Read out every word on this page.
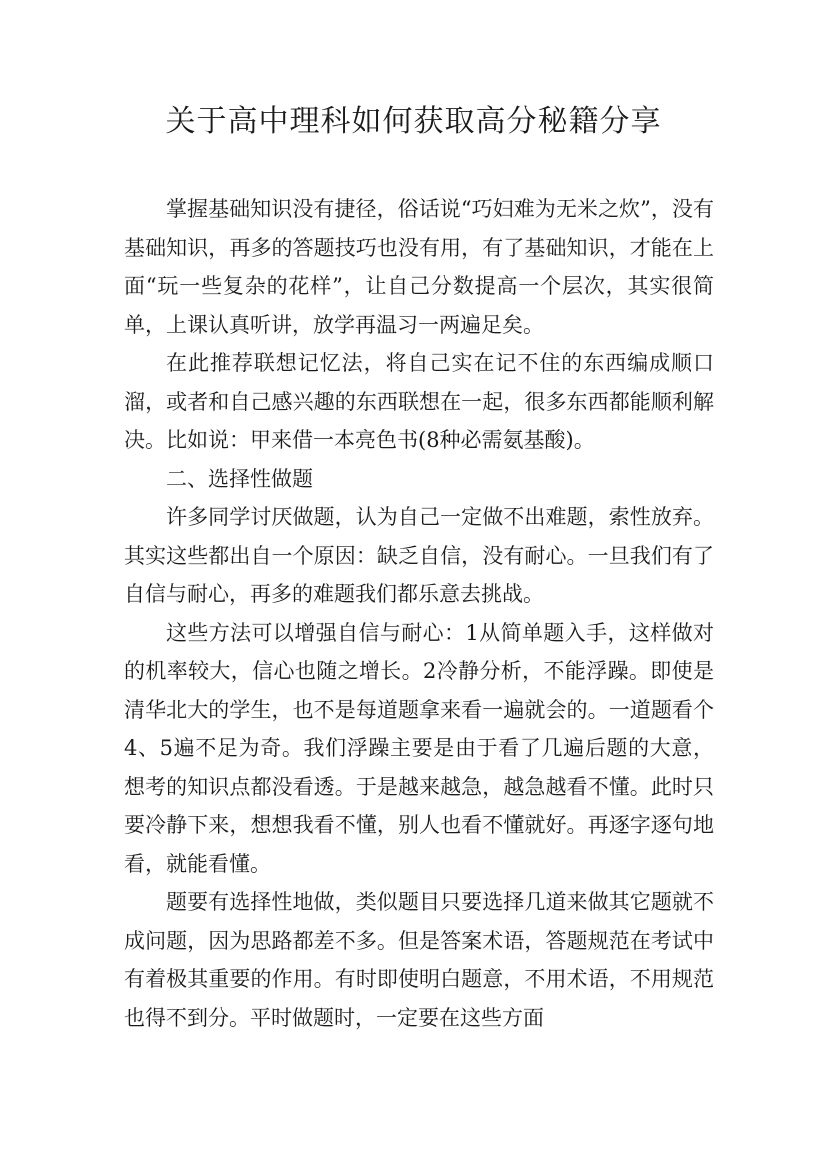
关于高中理科如何获取高分秘籍分享

掌握基础知识没有捷径，俗话说“巧妇难为无米之炊”，没有基础知识，再多的答题技巧也没有用，有了基础知识，才能在上面“玩一些复杂的花样”，让自己分数提高一个层次，其实很简单，上课认真听讲，放学再温习一两遍足矣。

在此推荐联想记忆法，将自己实在记不住的东西编成顺口溜，或者和自己感兴趣的东西联想在一起，很多东西都能顺利解决。比如说：甲来借一本亮色书(8种必需氨基酸)。

二、选择性做题

许多同学讨厌做题，认为自己一定做不出难题，索性放弃。其实这些都出自一个原因：缺乏自信，没有耐心。一旦我们有了自信与耐心，再多的难题我们都乐意去挑战。

这些方法可以增强自信与耐心：1从简单题入手，这样做对的机率较大，信心也随之增长。2冷静分析，不能浮躁。即使是清华北大的学生，也不是每道题拿来看一遍就会的。一道题看个4、5遍不足为奇。我们浮躁主要是由于看了几遍后题的大意，想考的知识点都没看透。于是越来越急，越急越看不懂。此时只要冷静下来，想想我看不懂，别人也看不懂就好。再逐字逐句地看，就能看懂。

题要有选择性地做，类似题目只要选择几道来做其它题就不成问题，因为思路都差不多。但是答案术语，答题规范在考试中有着极其重要的作用。有时即使明白题意，不用术语，不用规范也得不到分。平时做题时，一定要在这些方面
